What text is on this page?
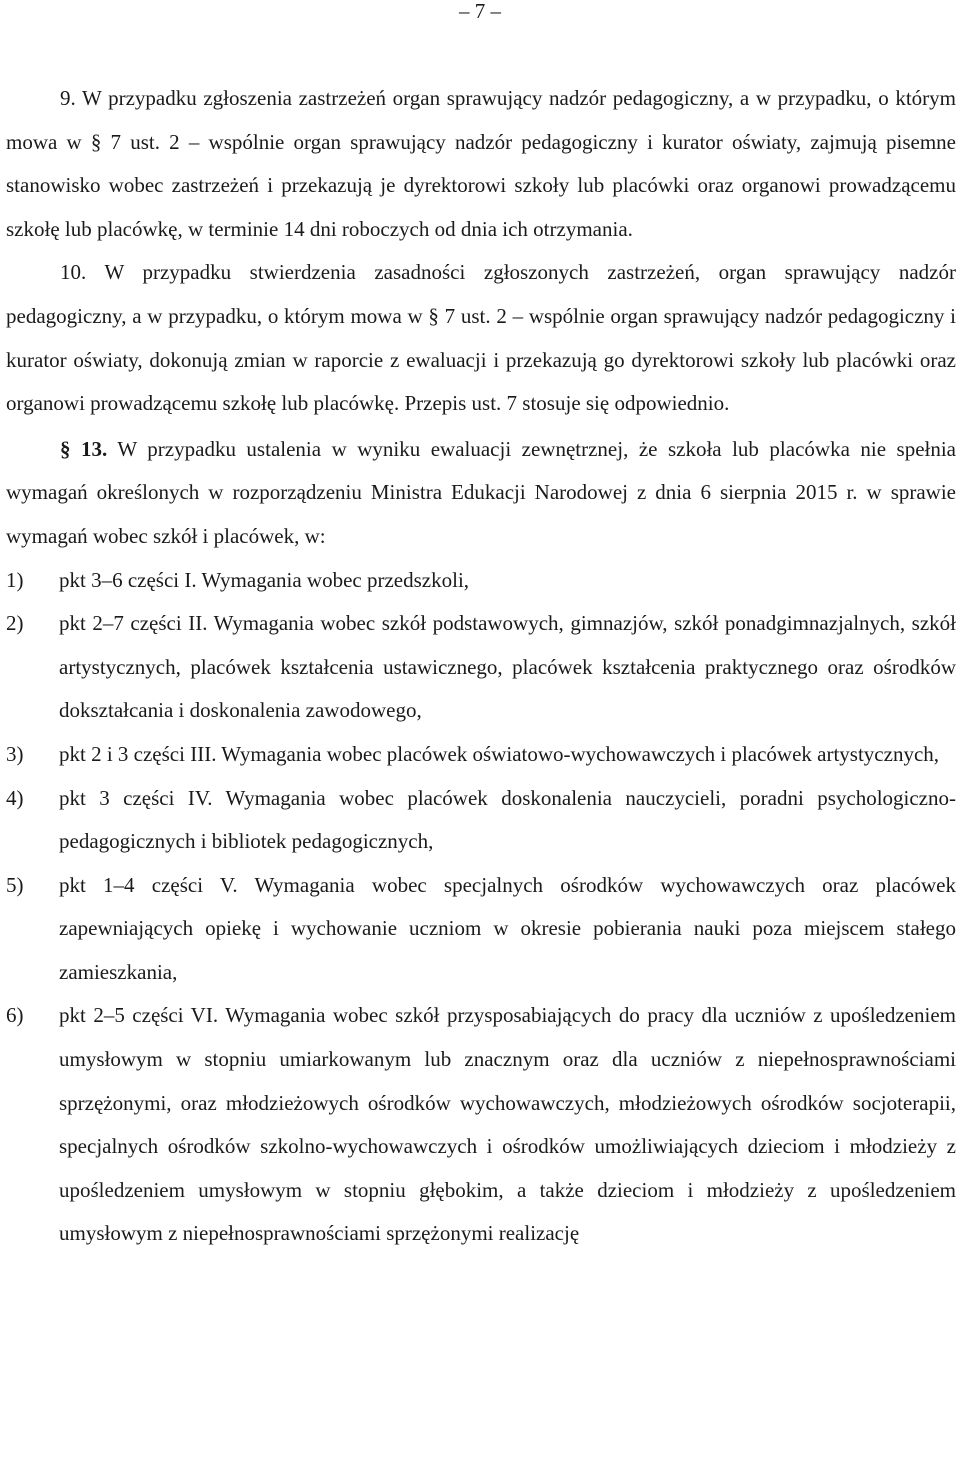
– 7 –

9. W przypadku zgłoszenia zastrzeżeń organ sprawujący nadzór pedagogiczny, a w przypadku, o którym mowa w § 7 ust. 2 – wspólnie organ sprawujący nadzór pedagogiczny i kurator oświaty, zajmują pisemne stanowisko wobec zastrzeżeń i przekazują je dyrektorowi szkoły lub placówki oraz organowi prowadzącemu szkołę lub placówkę, w terminie 14 dni roboczych od dnia ich otrzymania.

10. W przypadku stwierdzenia zasadności zgłoszonych zastrzeżeń, organ sprawujący nadzór pedagogiczny, a w przypadku, o którym mowa w § 7 ust. 2 – wspólnie organ sprawujący nadzór pedagogiczny i kurator oświaty, dokonują zmian w raporcie z ewaluacji i przekazują go dyrektorowi szkoły lub placówki oraz organowi prowadzącemu szkołę lub placówkę. Przepis ust. 7 stosuje się odpowiednio.

§ 13. W przypadku ustalenia w wyniku ewaluacji zewnętrznej, że szkoła lub placówka nie spełnia wymagań określonych w rozporządzeniu Ministra Edukacji Narodowej z dnia 6 sierpnia 2015 r. w sprawie wymagań wobec szkół i placówek, w:

1)	pkt 3–6 części I. Wymagania wobec przedszkoli,
2)	pkt 2–7 części II. Wymagania wobec szkół podstawowych, gimnazjów, szkół ponadgimnazjalnych, szkół artystycznych, placówek kształcenia ustawicznego, placówek kształcenia praktycznego oraz ośrodków dokształcania i doskonalenia zawodowego,
3)	pkt 2 i 3 części III. Wymagania wobec placówek oświatowo-wychowawczych i placówek artystycznych,
4)	pkt 3 części IV. Wymagania wobec placówek doskonalenia nauczycieli, poradni psychologiczno-pedagogicznych i bibliotek pedagogicznych,
5)	pkt 1–4 części V. Wymagania wobec specjalnych ośrodków wychowawczych oraz placówek zapewniających opiekę i wychowanie uczniom w okresie pobierania nauki poza miejscem stałego zamieszkania,
6)	pkt 2–5 części VI. Wymagania wobec szkół przysposabiających do pracy dla uczniów z upośledzeniem umysłowym w stopniu umiarkowanym lub znacznym oraz dla uczniów z niepełnosprawnościami sprzężonymi, oraz młodzieżowych ośrodków wychowawczych, młodzieżowych ośrodków socjoterapii, specjalnych ośrodków szkolno-wychowawczych i ośrodków umożliwiających dzieciom i młodzieży z upośledzeniem umysłowym w stopniu głębokim, a także dzieciom i młodzieży z upośledzeniem umysłowym z niepełnosprawnościami sprzężonymi realizację
